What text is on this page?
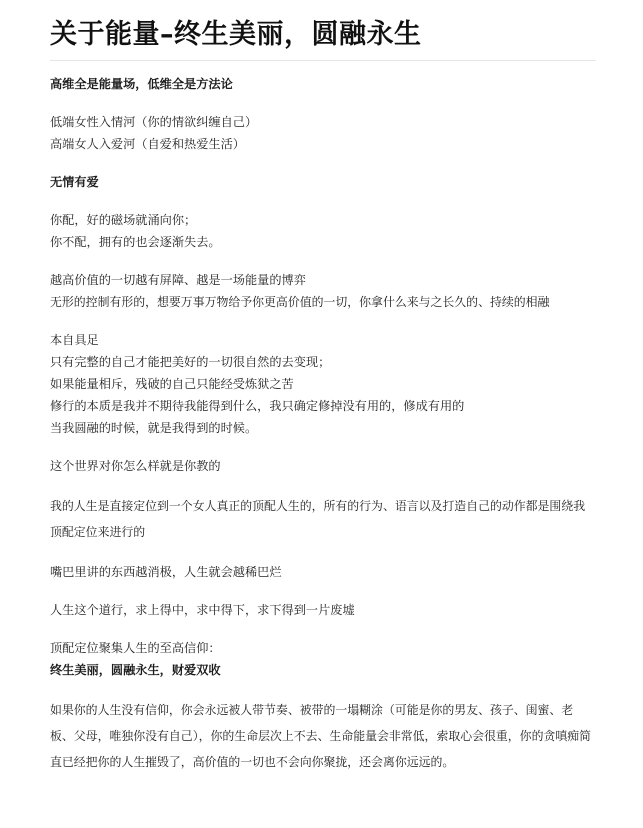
关于能量–终生美丽，圆融永生

高维全是能量场，低维全是方法论

低端女性入情河（你的情欲纠缠自己）

高端女人入爱河（自爱和热爱生活）

无情有爱

你配，好的磁场就涌向你；

你不配，拥有的也会逐渐失去。

越高价值的一切越有屏障、越是一场能量的博弈

无形的控制有形的，想要万事万物给予你更高价值的一切，你拿什么来与之长久的、持续的相融

本自具足

只有完整的自己才能把美好的一切很自然的去变现；

如果能量相斥，残破的自己只能经受炼狱之苦

修行的本质是我并不期待我能得到什么，我只确定修掉没有用的，修成有用的

当我圆融的时候，就是我得到的时候。

这个世界对你怎么样就是你教的

我的人生是直接定位到一个女人真正的顶配人生的，所有的行为、语言以及打造自己的动作都是围绕我顶配定位来进行的

嘴巴里讲的东西越消极，人生就会越稀巴烂

人生这个道行，求上得中，求中得下，求下得到一片废墟

顶配定位聚集人生的至高信仰：

终生美丽，圆融永生，财爱双收

如果你的人生没有信仰，你会永远被人带节奏、被带的一塌糊涂（可能是你的男友、孩子、闺蜜、老板、父母，唯独你没有自己），你的生命层次上不去、生命能量会非常低，索取心会很重，你的贪嗔痴简直已经把你的人生摧毁了，高价值的一切也不会向你聚拢，还会离你远远的。
